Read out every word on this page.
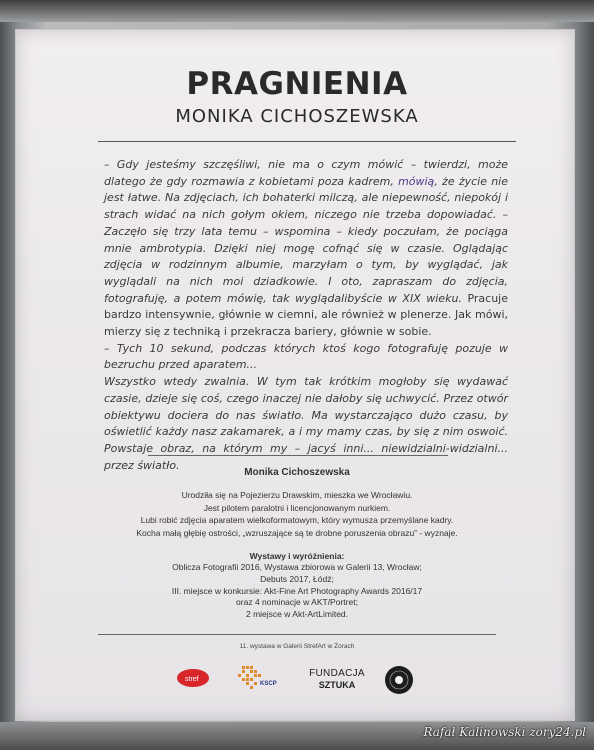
PRAGNIENIA
MONIKA CICHOSZEWSKA

– Gdy jesteśmy szczęśliwi, nie ma o czym mówić – twierdzi, może dlatego że gdy rozmawia z kobietami poza kadrem, mówią, że życie nie jest łatwe. Na zdjęciach, ich bohaterki milczą, ale niepewność, niepokój i strach widać na nich gołym okiem, niczego nie trzeba dopowiadać. – Zaczęło się trzy lata temu – wspomina – kiedy poczułam, że pociąga mnie ambrotypia. Dzięki niej mogę cofnąć się w czasie. Oglądając zdjęcia w rodzinnym albumie, marzyłam o tym, by wyglądać, jak wyglądali na nich moi dziadkowie. I oto, zapraszam do zdjęcia, fotografuję, a potem mówię, tak wyglądalibyście w XIX wieku. Pracuje bardzo intensywnie, głównie w ciemni, ale również w plenerze. Jak mówi, mierzy się z techniką i przekracza bariery, głównie w sobie.

– Tych 10 sekund, podczas których ktoś kogo fotografuję pozuje w bezruchu przed aparatem...

Wszystko wtedy zwalnia. W tym tak krótkim mogłoby się wydawać czasie, dzieje się coś, czego inaczej nie dałoby się uchwycić. Przez otwór obiektywu dociera do nas światło. Ma wystarczająco dużo czasu, by oświetlić każdy nasz zakamarek, a i my mamy czas, by się z nim oswoić. Powstaje obraz, na którym my – jacyś inni... niewidzialni-widzialni... przez światło.

Monika Cichoszewska
Urodziła się na Pojezierzu Drawskim, mieszka we Wrocławiu.
Jest pilotem paralotni i licencjonowanym nurkiem.
Lubi robić zdjęcia aparatem wielkoformatowym, który wymusza przemyślane kadry.
Kocha małą głębię ostrości, „wzruszające są te drobne poruszenia obrazu” - wyznaje.
Wystawy i wyróżnienia:
Oblicza Fotografii 2016, Wystawa zbiorowa w Galerii 13, Wrocław;
Debuts 2017, Łódź;
III. miejsce w konkursie: Akt-Fine Art Photography Awards 2016/17
oraz 4 nominacje w AKT/Portret;
2 miejsce w Akt-ArtLimited.
11. wystawa w Galerii StrefArt w Żorach
stref
KSCP
FUNDACJA
SZTUKA
Rafał Kalinowski zory24.pl
